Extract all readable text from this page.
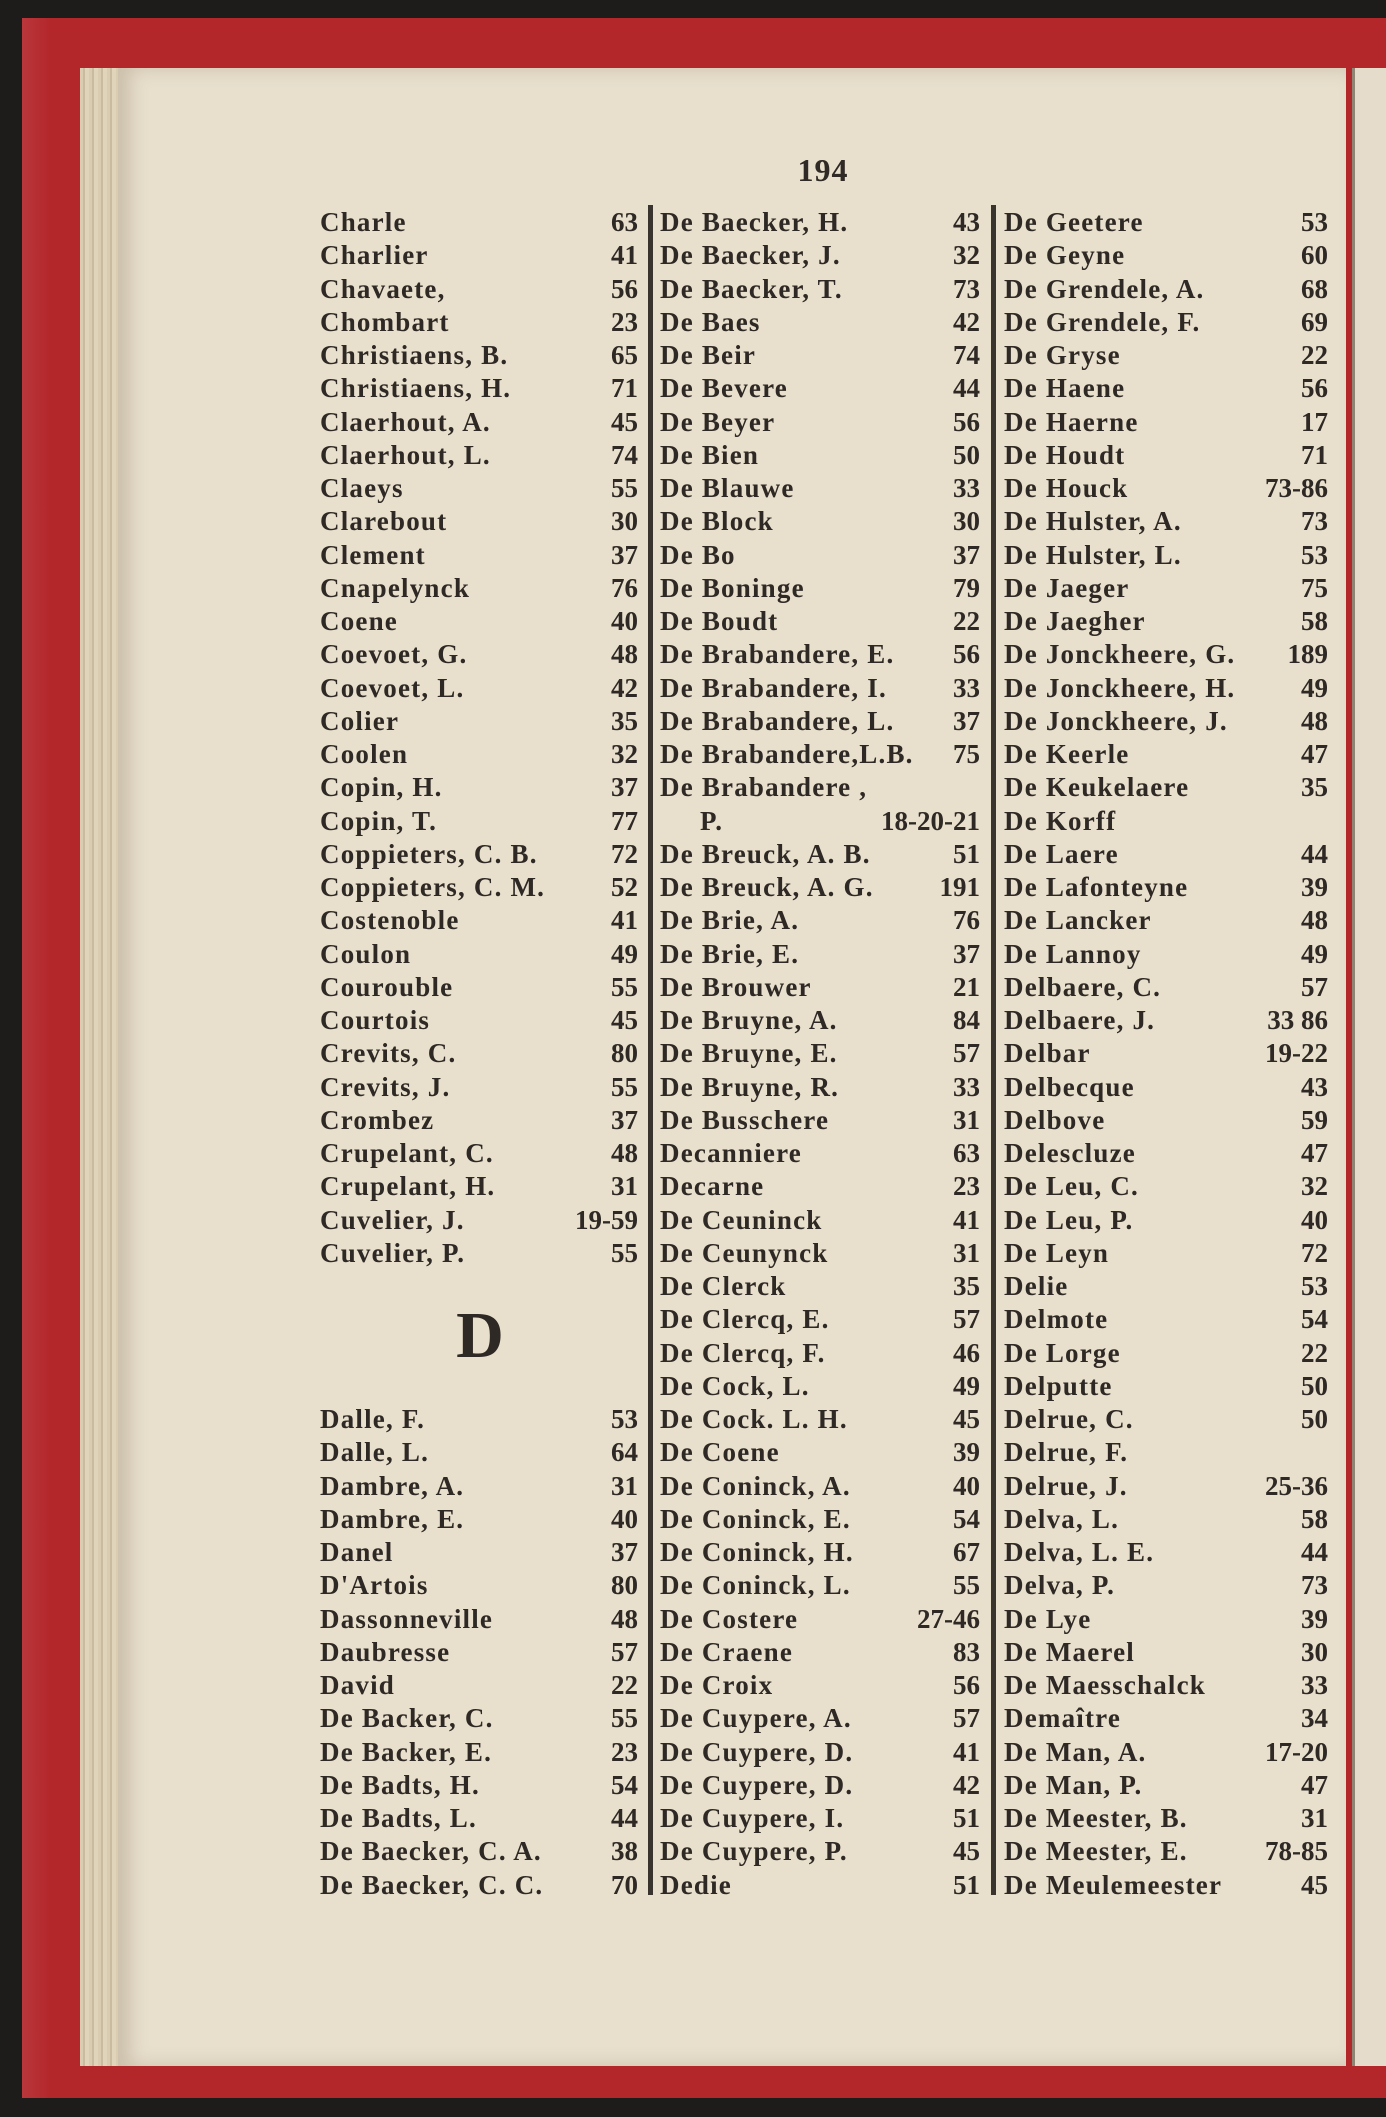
194
Charle	63
Charlier	41
Chavaete,	56
Chombart	23
Christiaens, B.	65
Christiaens, H.	71
Claerhout, A.	45
Claerhout, L.	74
Claeys	55
Clarebout	30
Clement	37
Cnapelynck	76
Coene	40
Coevoet, G.	48
Coevoet, L.	42
Colier	35
Coolen	32
Copin, H.	37
Copin, T.	77
Coppieters, C. B.	72
Coppieters, C. M. 52
Costenoble	41
Coulon	49
Courouble	55
Courtois	45
Crevits, C.	80
Crevits, J.	55
Crombez	37
Crupelant, C.	48
Crupelant, H.	31
Cuvelier, J.	19-59
Cuvelier, P.	55
Dalle, F.	53
Dalle, L.	64
Dambre, A.	31
Dambre, E.	40
Danel	37
D'Artois	80
Dassonneville	48
Daubresse	57
David	22
De Backer, C.	55
De Backer, E.	23
De Badts, H.	54
De Badts, L.	44
De Baecker, C. A.	38
De Baecker, C. C.	70
De Baecker, H.	43
De Baecker, J.	32
De Baecker, T.	73
De Baes	42
De Beir	74
De Bevere	44
De Beyer	56
De Bien	50
De Blauwe	33
De Block	30
De Bo	37
De Boninge	79
De Boudt	22
De Brabandere, E. 56
De Brabandere, I. 33
De Brabandere, L. 37
De Brabandere,L.B. 75
De Brabandere ,
P.	18-20-21
De Breuck, A. B.	51
De Breuck, A. G. 191
De Brie, A.	76
De Brie, E.	37
De Brouwer	21
De Bruyne, A.	84
De Bruyne, E.	57
De Bruyne, R.	33
De Busschere	31
Decanniere	63
Decarne	23
De Ceuninck	41
De Ceunynck	31
De Clerck	35
De Clercq, E.	57
De Clercq, F.	46
De Cock, L.	49
De Cock. L. H.	45
De Coene	39
De Coninck, A.	40
De Coninck, E.	54
De Coninck, H.	67
De Coninck, L.	55
De Costere	27-46
De Craene	83
De Croix	56
De Cuypere, A.	57
De Cuypere, D.	41
De Cuypere, D.	42
De Cuypere, I.	51
De Cuypere, P.	45
Dedie	51
De Geetere	53
De Geyne	60
De Grendele, A.	68
De Grendele, F.	69
De Gryse	22
De Haene	56
De Haerne	17
De Houdt	71
De Houck	73-86
De Hulster, A.	73
De Hulster, L.	53
De Jaeger	75
De Jaegher	58
De Jonckheere, G. 189
De Jonckheere, H. 49
De Jonckheere, J.	48
De Keerle	47
De Keukelaere	35
De Korff
De Laere	44
De Lafonteyne	39
De Lancker	48
De Lannoy	49
Delbaere, C.	57
Delbaere, J.	33 86
Delbar	19-22
Delbecque	43
Delbove	59
Delescluze	47
De Leu, C.	32
De Leu, P.	40
De Leyn	72
Delie	53
Delmote	54
De Lorge	22
Delputte	50
Delrue, C.	50
Delrue, F.
Delrue, J.	25-36
Delva, L.	58
Delva, L. E.	44
Delva, P.	73
De Lye	39
De Maerel	30
De Maesschalck	33
Demaître	34
De Man, A.	17-20
De Man, P.	47
De Meester, B.	31
De Meester, E.	78-85
De Meulemeester	45
D
